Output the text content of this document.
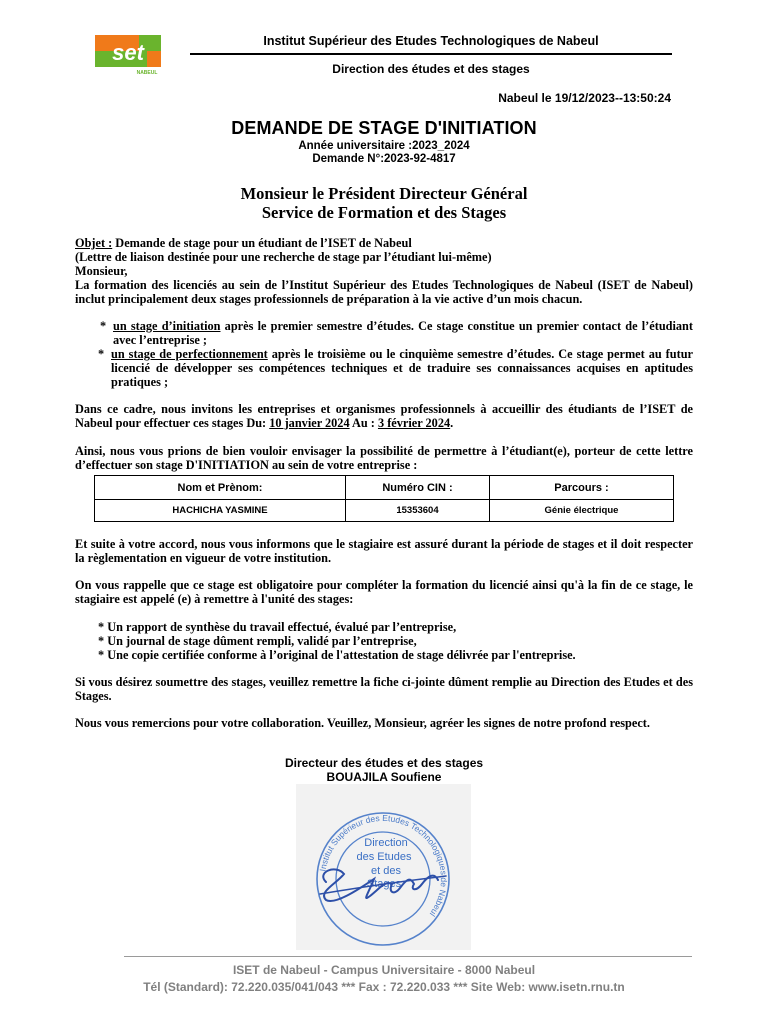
set
NABEUL
Institut Supérieur des Etudes Technologiques de Nabeul
Direction des études et des stages
Nabeul le 19/12/2023--13:50:24
DEMANDE DE STAGE D'INITIATION
Année universitaire :2023_2024
Demande N°:2023-92-4817
Monsieur le Président Directeur Général
Service de Formation et des Stages
Objet : Demande de stage pour un étudiant de l’ISET de Nabeul
(Lettre de liaison destinée pour une recherche de stage par l’étudiant lui-même)
Monsieur,
La formation des licenciés au sein de l’Institut Supérieur des Etudes Technologiques de Nabeul (ISET de Nabeul) inclut principalement deux stages professionnels de préparation à la vie active d’un mois chacun.
* un stage d’initiation après le premier semestre d’études. Ce stage constitue un premier contact de l’étudiant avec l’entreprise ;
* un stage de perfectionnement après le troisième ou le cinquième semestre d’études. Ce stage permet au futur licencié de développer ses compétences techniques et de traduire ses connaissances acquises en aptitudes pratiques ;
Dans ce cadre, nous invitons les entreprises et organismes professionnels à accueillir des étudiants de l’ISET de Nabeul pour effectuer ces stages Du: 10 janvier 2024 Au : 3 février 2024.
Ainsi, nous vous prions de bien vouloir envisager la possibilité de permettre à l’étudiant(e), porteur de cette lettre d’effectuer son stage D'INITIATION au sein de votre entreprise :
Nom et Prènom:	Numéro CIN :	Parcours :
HACHICHA YASMINE	15353604	Génie électrique
Et suite à votre accord, nous vous informons que le stagiaire est assuré durant la période de stages et il doit respecter la règlementation en vigueur de votre institution.
On vous rappelle que ce stage est obligatoire pour compléter la formation du licencié ainsi qu'à la fin de ce stage, le stagiaire est appelé (e) à remettre à l'unité des stages:
* Un rapport de synthèse du travail effectué, évalué par l’entreprise,
* Un journal de stage dûment rempli, validé par l’entreprise,
* Une copie certifiée conforme à l’original de l'attestation de stage délivrée par l'entreprise.
Si vous désirez soumettre des stages, veuillez remettre la fiche ci-jointe dûment remplie au Direction des Etudes et des Stages.
Nous vous remercions pour votre collaboration. Veuillez, Monsieur, agréer les signes de notre profond respect.
Directeur des études et des stages
BOUAJILA Soufiene
Institut Supérieur des Etudes Technologiques de Nabeul
Direction
des Etudes
et des
Stages
ISET de Nabeul - Campus Universitaire - 8000 Nabeul
Tél (Standard): 72.220.035/041/043 *** Fax : 72.220.033 *** Site Web: www.isetn.rnu.tn
